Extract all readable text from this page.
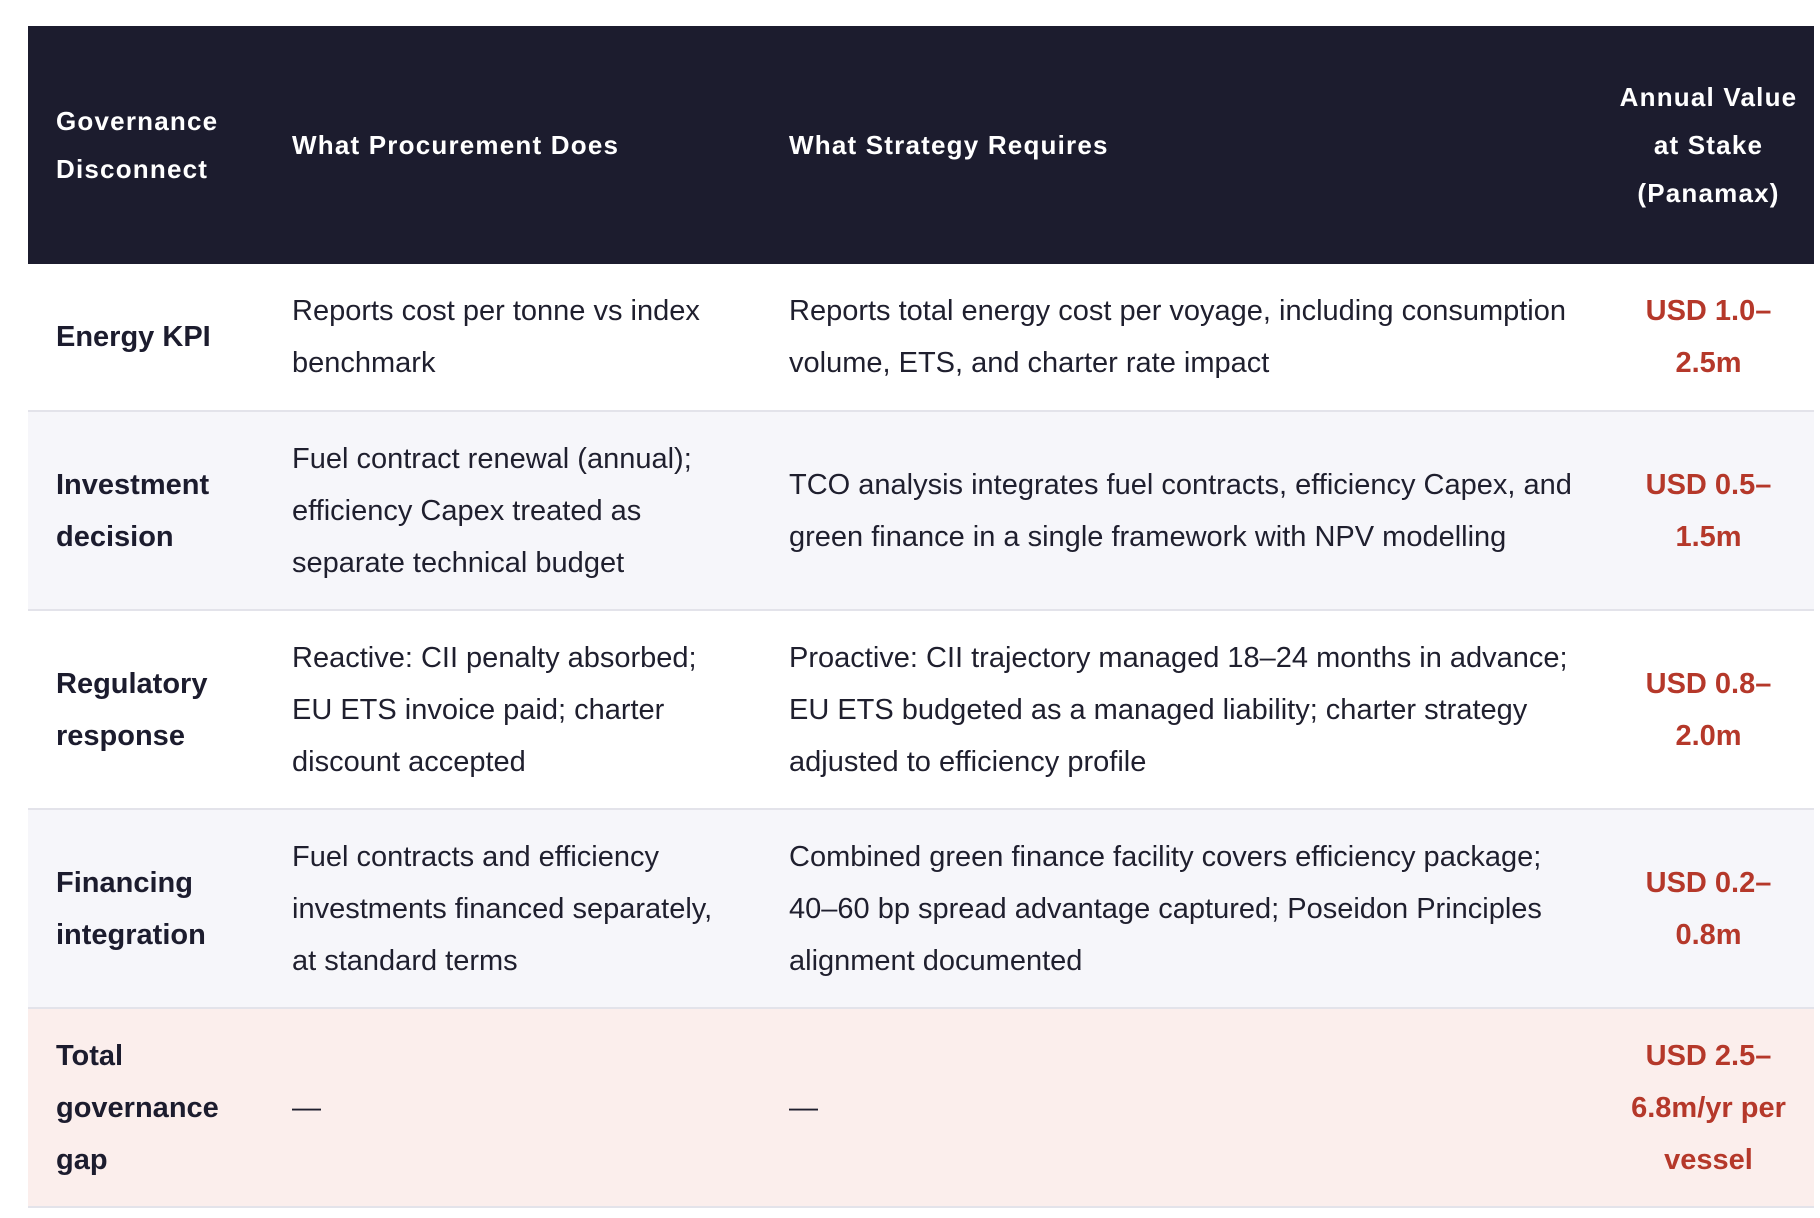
Governance Disconnect	What Procurement Does	What Strategy Requires	Annual Value at Stake (Panamax)
Energy KPI	Reports cost per tonne vs index benchmark	Reports total energy cost per voyage, including consumption volume, ETS, and charter rate impact	USD 1.0–2.5m
Investment decision	Fuel contract renewal (annual); efficiency Capex treated as separate technical budget	TCO analysis integrates fuel contracts, efficiency Capex, and green finance in a single framework with NPV modelling	USD 0.5–1.5m
Regulatory response	Reactive: CII penalty absorbed; EU ETS invoice paid; charter discount accepted	Proactive: CII trajectory managed 18–24 months in advance; EU ETS budgeted as a managed liability; charter strategy adjusted to efficiency profile	USD 0.8–2.0m
Financing integration	Fuel contracts and efficiency investments financed separately, at standard terms	Combined green finance facility covers efficiency package; 40–60 bp spread advantage captured; Poseidon Principles alignment documented	USD 0.2–0.8m
Total governance gap	—	—	USD 2.5–6.8m/yr per vessel
